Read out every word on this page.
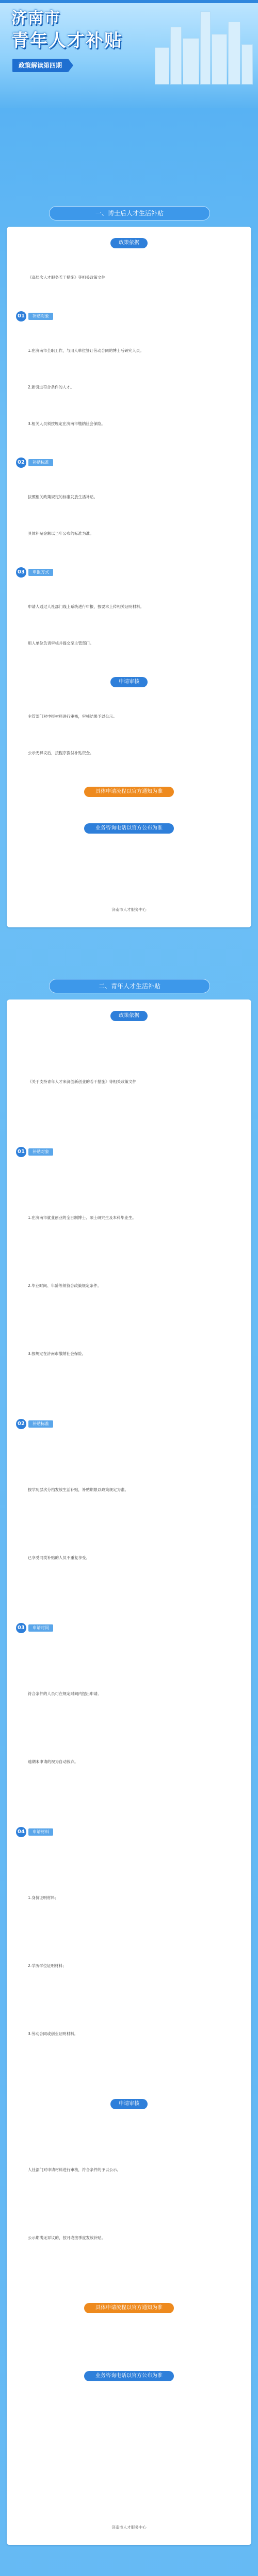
济南市
青年人才补贴
政策解读第四期
一、博士后人才生活补贴
政策依据
《高层次人才服务若干措施》等相关政策文件
01	补贴对象
1.在济南市全职工作，与用人单位签订劳动合同的博士后研究人员。
2.新引进符合条件的人才。
3.相关人员须按规定在济南市缴纳社会保险。
02	补贴标准
按照相关政策规定的标准发放生活补贴。
具体补贴金额以当年公布的标准为准。
03	申报方式
申请人通过人社部门线上系统进行申报，按要求上传相关证明材料。
用人单位负责审核并提交至主管部门。
申请审核
主管部门对申报材料进行审核，审核结果予以公示。
公示无异议后，按程序拨付补贴资金。
具体申请流程以官方通知为准
业务咨询电话以官方公布为准
济南市人才服务中心
二、青年人才生活补贴
政策依据
《关于支持青年人才来济创新创业的若干措施》等相关政策文件
01	补贴对象
1.在济南市就业创业的全日制博士、硕士研究生及本科毕业生。
2.毕业时间、年龄等须符合政策规定条件。
3.按规定在济南市缴纳社会保险。
02	补贴标准
按学历层次分档发放生活补贴，补贴期限以政策规定为准。
已享受同类补贴的人员不重复享受。
03	申请时间
符合条件的人员可在规定时间内提出申请。
逾期未申请的视为自动放弃。
04	申请材料
1.身份证明材料；
2.学历学位证明材料；
3.劳动合同或创业证明材料。
申请审核
人社部门对申请材料进行审核，符合条件的予以公示。
公示期满无异议的，按月或按季度发放补贴。
具体申请流程以官方通知为准
业务咨询电话以官方公布为准
济南市人才服务中心
